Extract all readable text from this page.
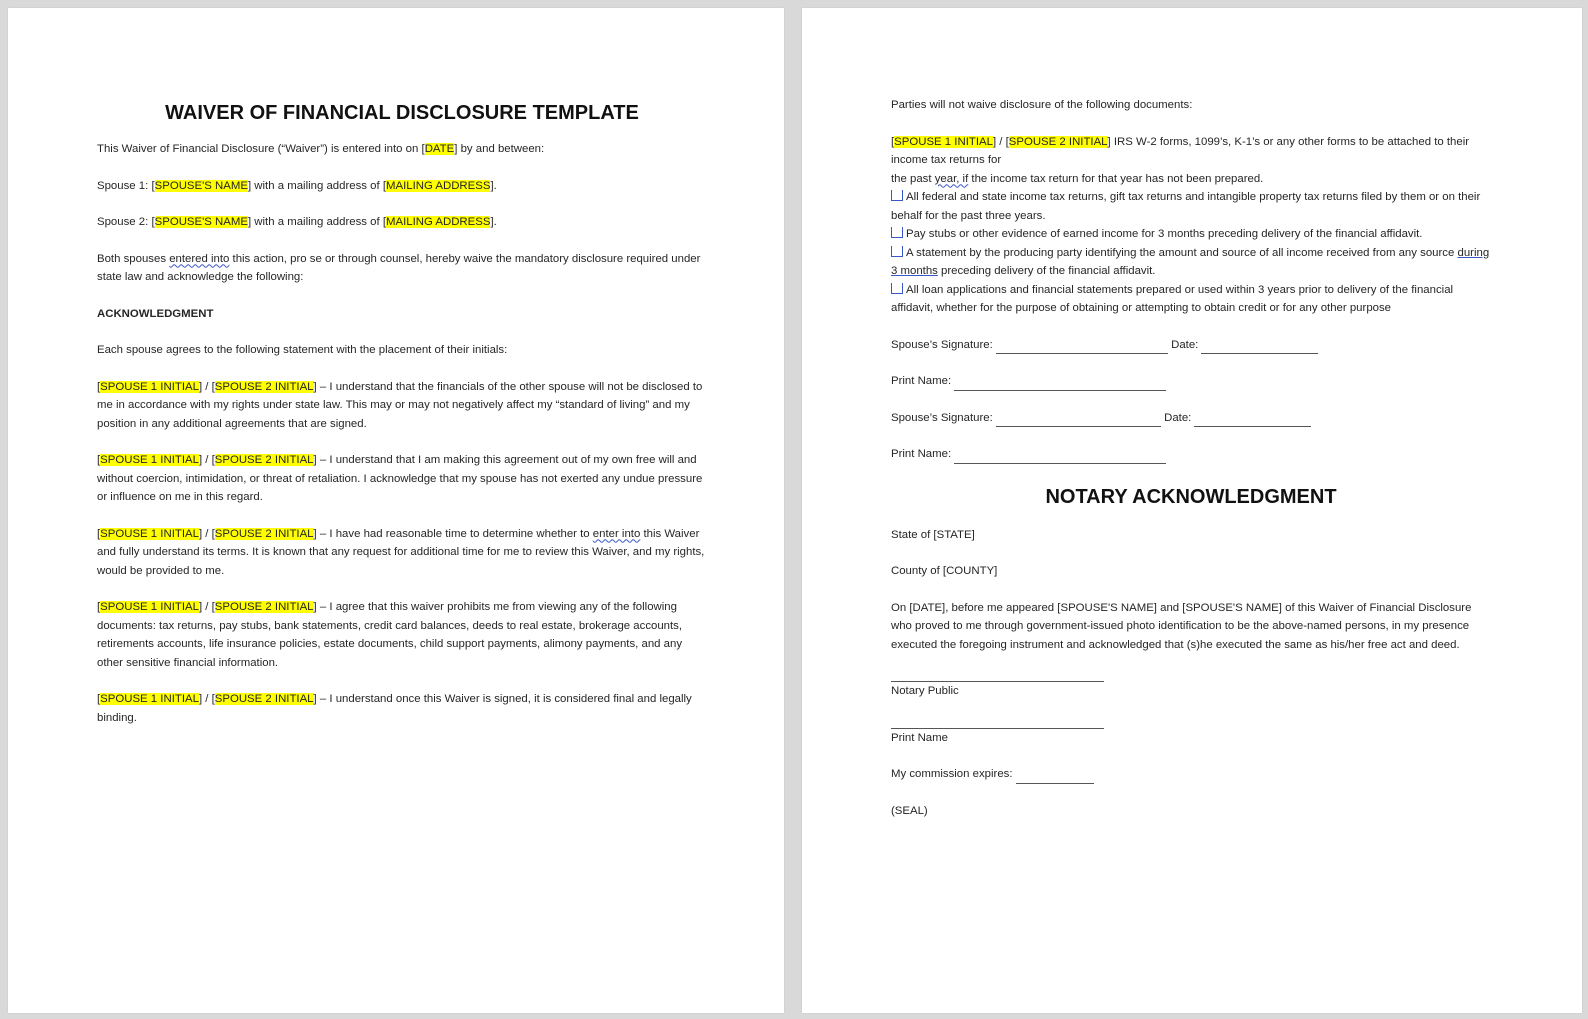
WAIVER OF FINANCIAL DISCLOSURE TEMPLATE

This Waiver of Financial Disclosure (“Waiver”) is entered into on [DATE] by and between:

Spouse 1: [SPOUSE'S NAME] with a mailing address of [MAILING ADDRESS].

Spouse 2: [SPOUSE'S NAME] with a mailing address of [MAILING ADDRESS].

Both spouses entered into this action, pro se or through counsel, hereby waive the mandatory disclosure required under state law and acknowledge the following:

ACKNOWLEDGMENT

Each spouse agrees to the following statement with the placement of their initials:

[SPOUSE 1 INITIAL] / [SPOUSE 2 INITIAL] – I understand that the financials of the other spouse will not be disclosed to me in accordance with my rights under state law. This may or may not negatively affect my “standard of living” and my position in any additional agreements that are signed.

[SPOUSE 1 INITIAL] / [SPOUSE 2 INITIAL] – I understand that I am making this agreement out of my own free will and without coercion, intimidation, or threat of retaliation. I acknowledge that my spouse has not exerted any undue pressure or influence on me in this regard.

[SPOUSE 1 INITIAL] / [SPOUSE 2 INITIAL] – I have had reasonable time to determine whether to enter into this Waiver and fully understand its terms. It is known that any request for additional time for me to review this Waiver, and my rights, would be provided to me.

[SPOUSE 1 INITIAL] / [SPOUSE 2 INITIAL] – I agree that this waiver prohibits me from viewing any of the following documents: tax returns, pay stubs, bank statements, credit card balances, deeds to real estate, brokerage accounts, retirements accounts, life insurance policies, estate documents, child support payments, alimony payments, and any other sensitive financial information.

[SPOUSE 1 INITIAL] / [SPOUSE 2 INITIAL] – I understand once this Waiver is signed, it is considered final and legally binding.

Parties will not waive disclosure of the following documents:

[SPOUSE 1 INITIAL] / [SPOUSE 2 INITIAL] IRS W-2 forms, 1099’s, K-1’s or any other forms to be attached to their income tax returns for

the past year, if the income tax return for that year has not been prepared.

All federal and state income tax returns, gift tax returns and intangible property tax returns filed by them or on their behalf for the past three years.

Pay stubs or other evidence of earned income for 3 months preceding delivery of the financial affidavit.

A statement by the producing party identifying the amount and source of all income received from any source during 3 months preceding delivery of the financial affidavit.

All loan applications and financial statements prepared or used within 3 years prior to delivery of the financial affidavit, whether for the purpose of obtaining or attempting to obtain credit or for any other purpose

Spouse’s Signature:	Date:

Print Name:

Spouse’s Signature:	Date:

Print Name:

NOTARY ACKNOWLEDGMENT

State of [STATE]

County of [COUNTY]

On [DATE], before me appeared [SPOUSE'S NAME] and [SPOUSE'S NAME] of this Waiver of Financial Disclosure who proved to me through government-issued photo identification to be the above-named persons, in my presence executed the foregoing instrument and acknowledged that (s)he executed the same as his/her free act and deed.

Notary Public

Print Name

My commission expires:

(SEAL)
